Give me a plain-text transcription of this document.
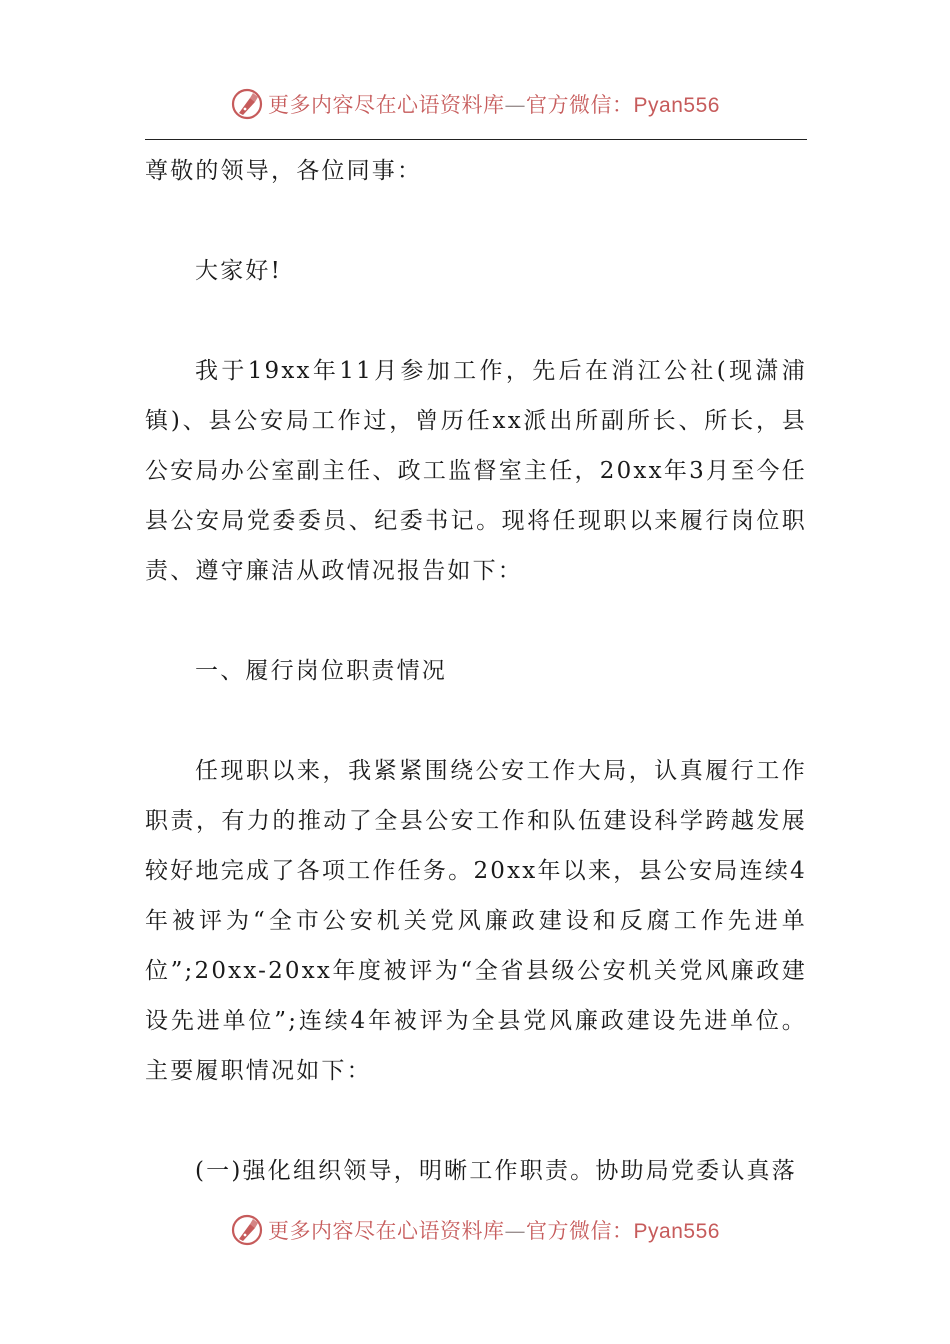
更多内容尽在心语资料库—官方微信：Pyan556

尊敬的领导，各位同事：

大家好!

我于19xx年11月参加工作，先后在消江公社(现潇浦镇)、县公安局工作过，曾历任xx派出所副所长、所长，县公安局办公室副主任、政工监督室主任，20xx年3月至今任县公安局党委委员、纪委书记。现将任现职以来履行岗位职责、遵守廉洁从政情况报告如下：

一、履行岗位职责情况

任现职以来，我紧紧围绕公安工作大局，认真履行工作职责，有力的推动了全县公安工作和队伍建设科学跨越发展较好地完成了各项工作任务。20xx年以来，县公安局连续4年被评为“全市公安机关党风廉政建设和反腐工作先进单位”;20xx-20xx年度被评为“全省县级公安机关党风廉政建设先进单位”;连续4年被评为全县党风廉政建设先进单位。主要履职情况如下：

(一)强化组织领导，明晰工作职责。协助局党委认真落

更多内容尽在心语资料库—官方微信：Pyan556
